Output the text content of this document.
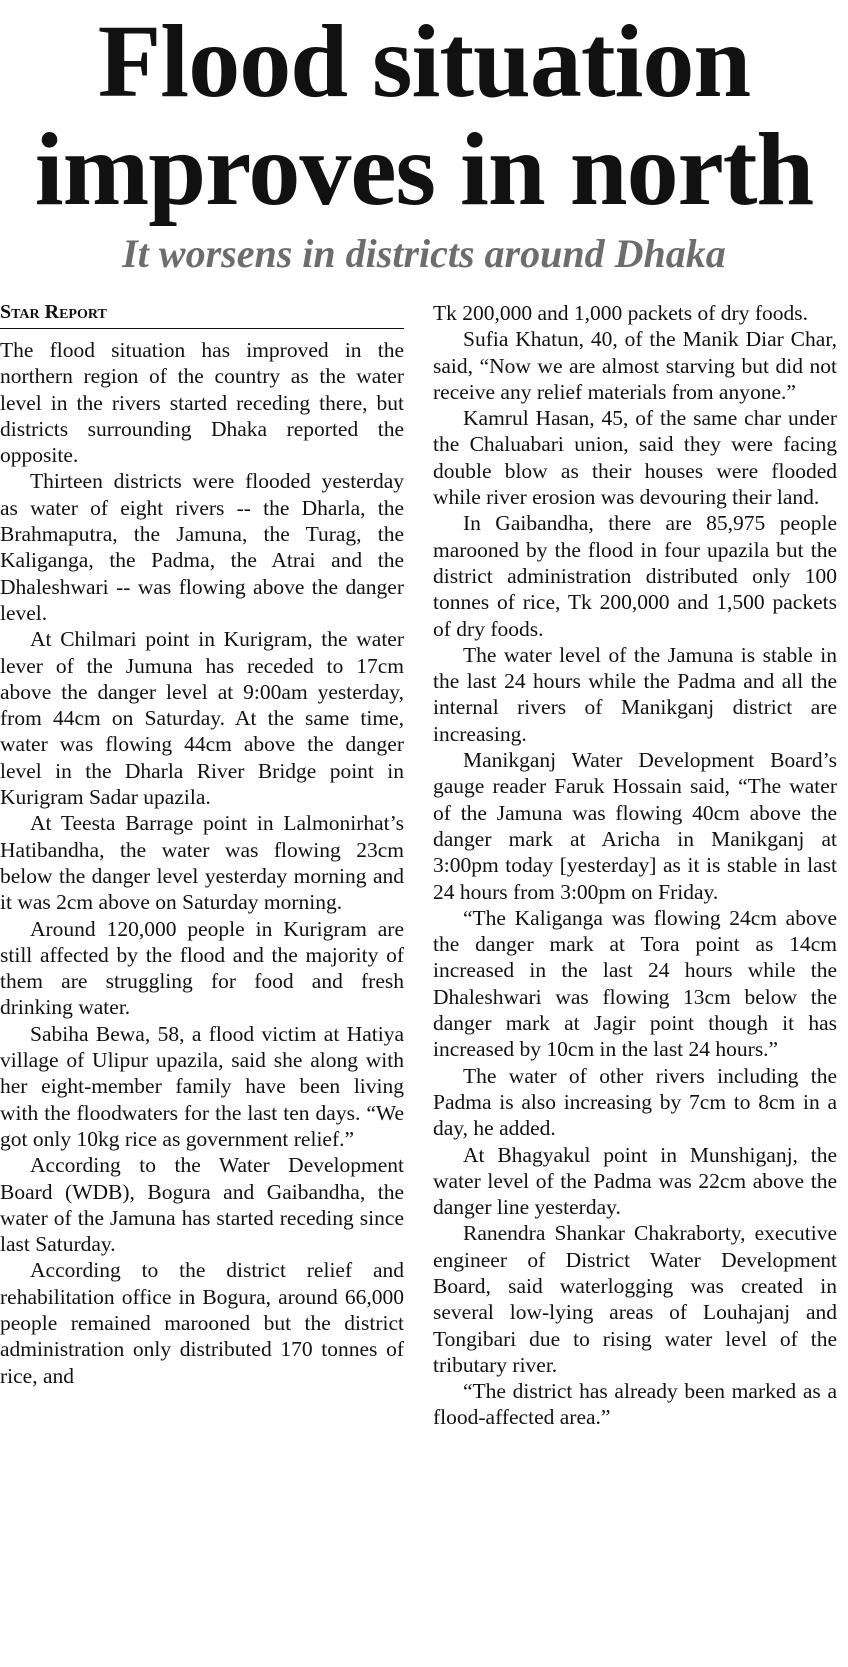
Flood situation
improves in north
It worsens in districts around Dhaka
Star Report

The flood situation has improved in the northern region of the country as the water level in the rivers started receding there, but districts surrounding Dhaka reported the opposite.

Thirteen districts were flooded yesterday as water of eight rivers -- the Dharla, the Brahmaputra, the Jamuna, the Turag, the Kaliganga, the Padma, the Atrai and the Dhaleshwari -- was flowing above the danger level.

At Chilmari point in Kurigram, the water lever of the Jumuna has receded to 17cm above the danger level at 9:00am yesterday, from 44cm on Saturday. At the same time, water was flowing 44cm above the danger level in the Dharla River Bridge point in Kurigram Sadar upazila.

At Teesta Barrage point in Lalmonirhat’s Hatibandha, the water was flowing 23cm below the danger level yesterday morning and it was 2cm above on Saturday morning.

Around 120,000 people in Kurigram are still affected by the flood and the majority of them are struggling for food and fresh drinking water.

Sabiha Bewa, 58, a flood victim at Hatiya village of Ulipur upazila, said she along with her eight-member family have been living with the floodwaters for the last ten days. “We got only 10kg rice as government relief.”

According to the Water Development Board (WDB), Bogura and Gaibandha, the water of the Jamuna has started receding since last Saturday.

According to the district relief and rehabilitation office in Bogura, around 66,000 people remained marooned but the district administration only distributed 170 tonnes of rice, and

Tk 200,000 and 1,000 packets of dry foods.

Sufia Khatun, 40, of the Manik Diar Char, said, “Now we are almost starving but did not receive any relief materials from anyone.”

Kamrul Hasan, 45, of the same char under the Chaluabari union, said they were facing double blow as their houses were flooded while river erosion was devouring their land.

In Gaibandha, there are 85,975 people marooned by the flood in four upazila but the district administration distributed only 100 tonnes of rice, Tk 200,000 and 1,500 packets of dry foods.

The water level of the Jamuna is stable in the last 24 hours while the Padma and all the internal rivers of Manikganj district are increasing.

Manikganj Water Development Board’s gauge reader Faruk Hossain said, “The water of the Jamuna was flowing 40cm above the danger mark at Aricha in Manikganj at 3:00pm today [yesterday] as it is stable in last 24 hours from 3:00pm on Friday.

“The Kaliganga was flowing 24cm above the danger mark at Tora point as 14cm increased in the last 24 hours while the Dhaleshwari was flowing 13cm below the danger mark at Jagir point though it has increased by 10cm in the last 24 hours.”

The water of other rivers including the Padma is also increasing by 7cm to 8cm in a day, he added.

At Bhagyakul point in Munshiganj, the water level of the Padma was 22cm above the danger line yesterday.

Ranendra Shankar Chakraborty, executive engineer of District Water Development Board, said waterlogging was created in several low-lying areas of Louhajanj and Tongibari due to rising water level of the tributary river.

“The district has already been marked as a flood-affected area.”
